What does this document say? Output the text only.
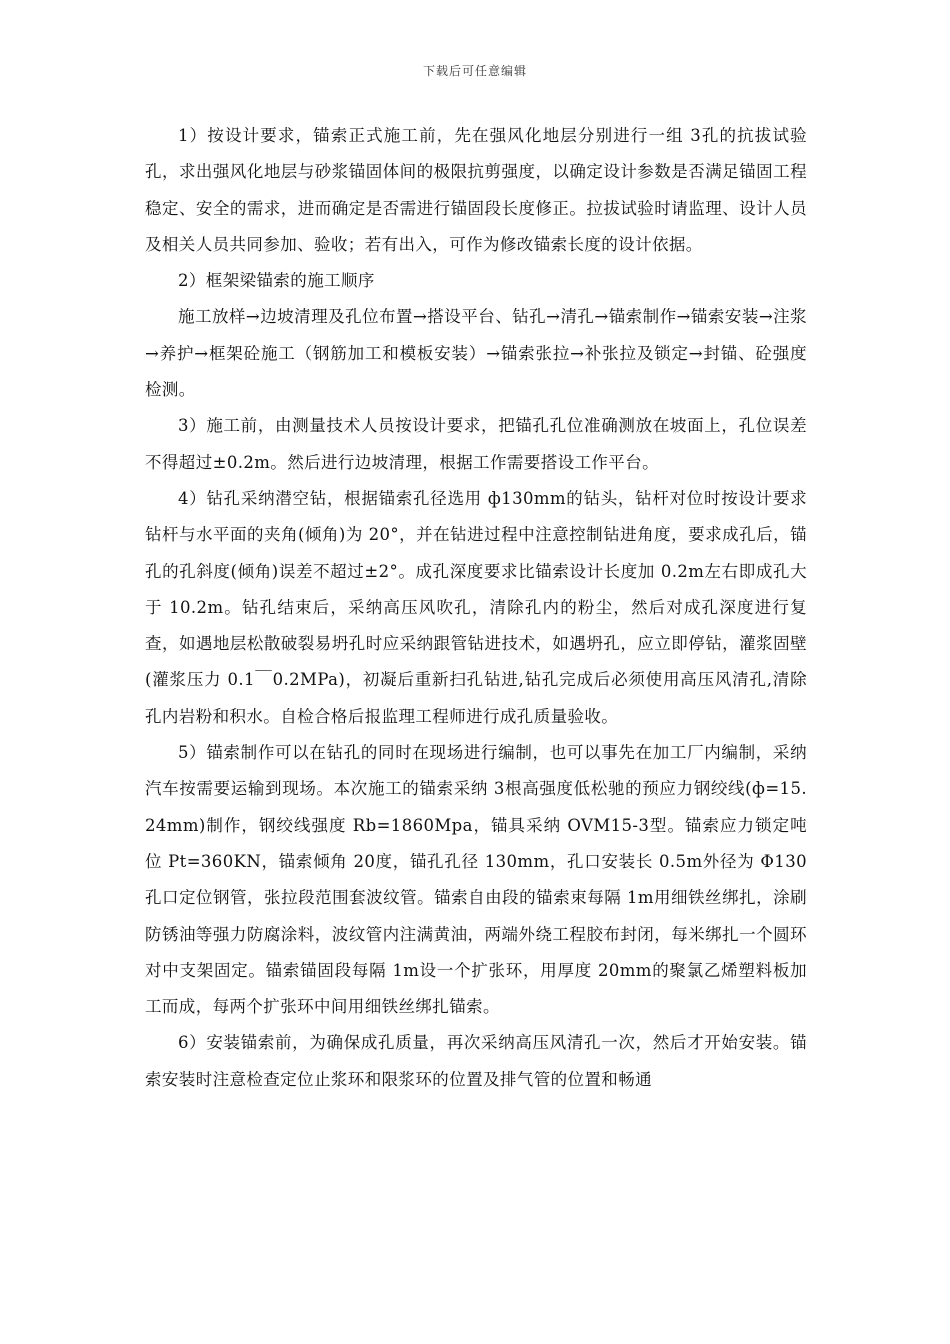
下载后可任意编辑

1）按设计要求，锚索正式施工前，先在强风化地层分别进行一组 3孔的抗拔试验孔，求出强风化地层与砂浆锚固体间的极限抗剪强度，以确定设计参数是否满足锚固工程稳定、安全的需求，进而确定是否需进行锚固段长度修正。拉拔试验时请监理、设计人员及相关人员共同参加、验收；若有出入，可作为修改锚索长度的设计依据。

2）框架梁锚索的施工顺序

施工放样→边坡清理及孔位布置→搭设平台、钻孔→清孔→锚索制作→锚索安装→注浆→养护→框架砼施工（钢筋加工和模板安装）→锚索张拉→补张拉及锁定→封锚、砼强度检测。

3）施工前，由测量技术人员按设计要求，把锚孔孔位准确测放在坡面上，孔位误差不得超过±0.2m。然后进行边坡清理，根据工作需要搭设工作平台。

4）钻孔采纳潜空钻，根据锚索孔径选用 ф130mm的钻头，钻杆对位时按设计要求钻杆与水平面的夹角(倾角)为 20°，并在钻进过程中注意控制钻进角度，要求成孔后，锚孔的孔斜度(倾角)误差不超过±2°。成孔深度要求比锚索设计长度加 0.2m左右即成孔大于 10.2m。钻孔结束后，采纳高压风吹孔，清除孔内的粉尘，然后对成孔深度进行复查，如遇地层松散破裂易坍孔时应采纳跟管钻进技术，如遇坍孔，应立即停钻，灌浆固壁(灌浆压力 0.1￣0.2MPa)，初凝后重新扫孔钻进,钻孔完成后必须使用高压风清孔,清除孔内岩粉和积水。自检合格后报监理工程师进行成孔质量验收。

5）锚索制作可以在钻孔的同时在现场进行编制，也可以事先在加工厂内编制，采纳汽车按需要运输到现场。本次施工的锚索采纳 3根高强度低松驰的预应力钢绞线(ф=15.24mm)制作，钢绞线强度 Rb=1860Mpa，锚具采纳 OVM15-3型。锚索应力锁定吨位 Pt=360KN，锚索倾角 20度，锚孔孔径 130mm，孔口安装长 0.5m外径为 Φ130孔口定位钢管，张拉段范围套波纹管。锚索自由段的锚索束每隔 1m用细铁丝绑扎，涂刷防锈油等强力防腐涂料，波纹管内注满黄油，两端外绕工程胶布封闭，每米绑扎一个圆环对中支架固定。锚索锚固段每隔 1m设一个扩张环，用厚度 20mm的聚氯乙烯塑料板加工而成，每两个扩张环中间用细铁丝绑扎锚索。

6）安装锚索前，为确保成孔质量，再次采纳高压风清孔一次，然后才开始安装。锚索安装时注意检查定位止浆环和限浆环的位置及排气管的位置和畅通
